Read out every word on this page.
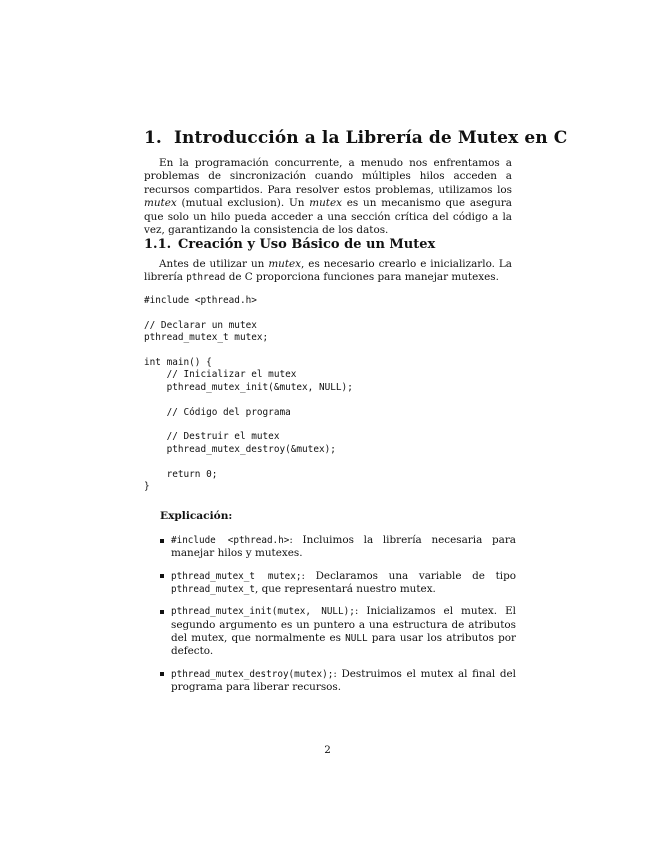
1. Introducción a la Librería de Mutex en C
En la programación concurrente, a menudo nos enfrentamos a problemas de sincronización cuando múltiples hilos acceden a recursos compartidos. Para resolver estos problemas, utilizamos los mutex (mutual exclusion). Un mutex es un mecanismo que asegura que solo un hilo pueda acceder a una sección crítica del código a la vez, garantizando la consistencia de los datos.
1.1. Creación y Uso Básico de un Mutex
Antes de utilizar un mutex, es necesario crearlo e inicializarlo. La librería pthread de C proporciona funciones para manejar mutexes.
#include <pthread.h>

// Declarar un mutex
pthread_mutex_t mutex;

int main() {
// Inicializar el mutex
pthread_mutex_init(&mutex, NULL);

// Código del programa

// Destruir el mutex
pthread_mutex_destroy(&mutex);

return 0;
}
Explicación:
#include <pthread.h>: Incluimos la librería necesaria para manejar hilos y mutexes.
pthread_mutex_t mutex;: Declaramos una variable de tipo pthread_mutex_t, que representará nuestro mutex.
pthread_mutex_init(mutex, NULL);: Inicializamos el mutex. El segundo argumento es un puntero a una estructura de atributos del mutex, que normalmente es NULL para usar los atributos por defecto.
pthread_mutex_destroy(mutex);: Destruimos el mutex al final del programa para liberar recursos.
2
